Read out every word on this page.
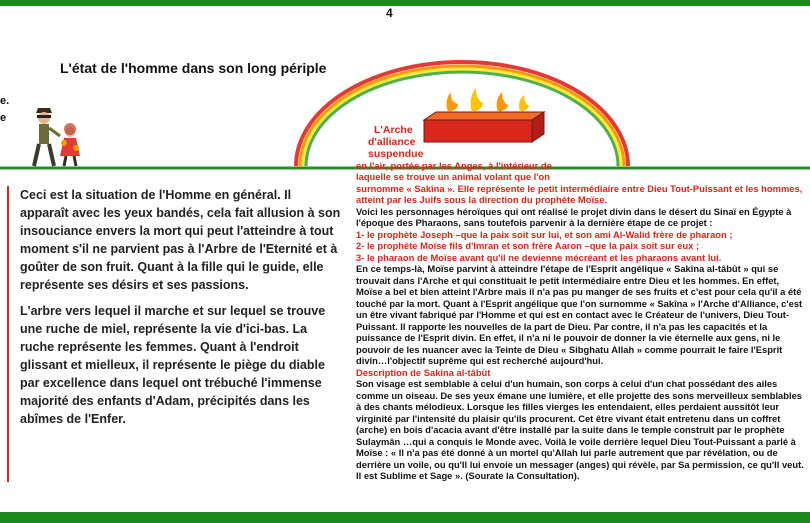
4
L'état de l'homme dans son long périple
e.
e
Ceci est la situation de l'Homme en général. Il apparaît avec les yeux bandés, cela fait allusion à son insouciance envers la mort qui peut l'atteindre à tout moment s'il ne parvient pas à l'Arbre de l'Eternité et à goûter de son fruit. Quant à la fille qui le guide, elle représente ses désirs et ses passions.
L'arbre vers lequel il marche et sur lequel se trouve une ruche de miel, représente la vie d'ici-bas. La ruche représente les femmes. Quant à l'endroit glissant et mielleux, il représente le piège du diable par excellence dans lequel ont trébuché l'immense majorité des enfants d'Adam, précipités dans les abîmes de l'Enfer.
L'Arche
d'alliance
suspendue
en l'air, portée par les Anges, à l'intérieur de

laquelle se trouve un animal volant que l'on

surnomme « Sakîna ». Elle représente le petit intermédiaire entre Dieu Tout-Puissant et les hommes, atteint par les Juifs sous la direction du prophète Moïse.

Voici les personnages héroïques qui ont réalisé le projet divin dans le désert du Sinaï en Égypte à l'époque des Pharaons, sans toutefois parvenir à la dernière étape de ce projet :

1- le prophète Joseph –que la paix soit sur lui, et son ami Al-Walid frère de pharaon ;

2- le prophète Moïse fils d'Imran et son frère Aaron –que la paix soit sur eux ;

3- le pharaon de Moïse avant qu'il ne devienne mécréant et les pharaons avant lui.

En ce temps-là, Moïse parvint à atteindre l'étape de l'Esprit angélique « Sakîna al-tâbût » qui se trouvait dans l'Arche et qui constituait le petit intermédiaire entre Dieu et les hommes. En effet, Moïse a bel et bien atteint l'Arbre mais il n'a pas pu manger de ses fruits et c'est pour cela qu'il a été touché par la mort. Quant à l'Esprit angélique que l'on surnomme « Sakîna » l'Arche d'Alliance, c'est un être vivant fabriqué par l'Homme et qui est en contact avec le Créateur de l'univers, Dieu Tout-Puissant. Il rapporte les nouvelles de la part de Dieu. Par contre, il n'a pas les capacités et la puissance de l'Esprit divin. En effet, il n'a ni le pouvoir de donner la vie éternelle aux gens, ni le pouvoir de les nuancer avec la Teinte de Dieu « Sibghatu Allah » comme pourrait le faire l'Esprit divin…l'objectif suprême qui est recherché aujourd'hui.

Description de Sakîna al-tâbût

Son visage est semblable à celui d'un humain, son corps à celui d'un chat possédant des ailes comme un oiseau. De ses yeux émane une lumière, et elle projette des sons merveilleux semblables à des chants mélodieux. Lorsque les filles vierges les entendaient, elles perdaient aussitôt leur virginité par l'intensité du plaisir qu'ils procurent. Cet être vivant était entretenu dans un coffret (arche) en bois d'acacia avant d'être installé par la suite dans le temple construit par le prophète Sulaymân …qui a conquis le Monde avec. Voilà le voile derrière lequel Dieu Tout-Puissant a parlé à Moïse : « Il n'a pas été donné à un mortel qu'Allah lui parle autrement que par révélation, ou de derrière un voile, ou qu'Il lui envoie un messager (anges) qui révèle, par Sa permission, ce qu'Il veut. Il est Sublime et Sage ». (Sourate la Consultation).
